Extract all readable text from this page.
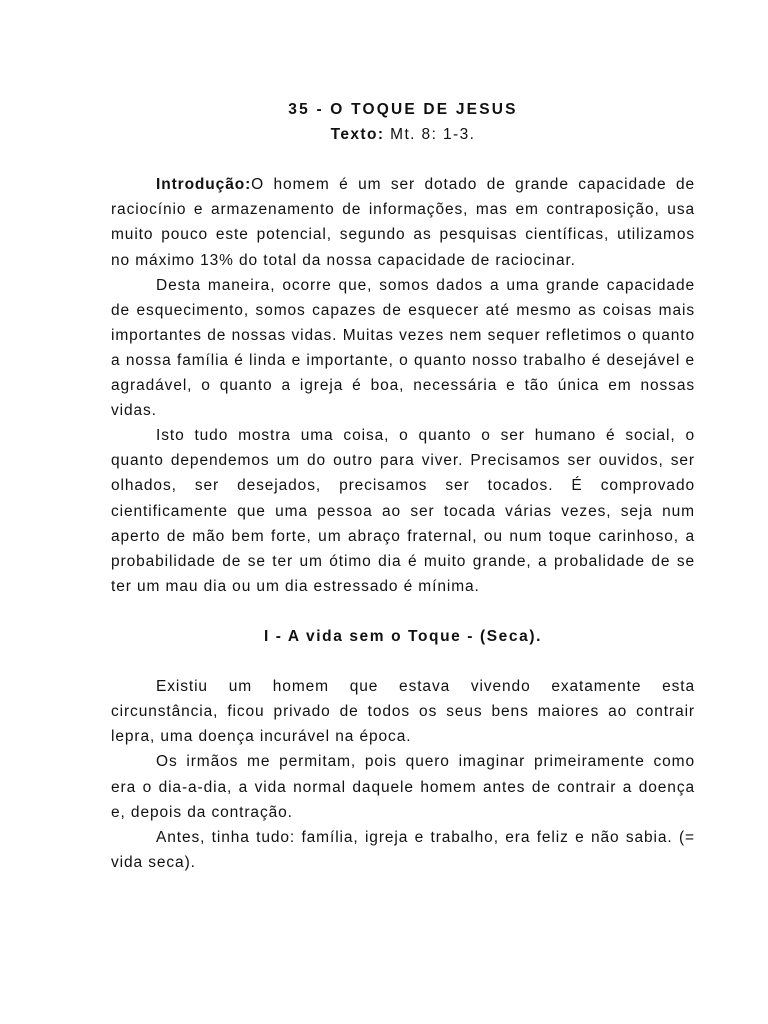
35 - O TOQUE DE JESUS

Texto: Mt. 8: 1-3.

Introdução:O homem é um ser dotado de grande capacidade de raciocínio e armazenamento de informações, mas em contraposição, usa muito pouco este potencial, segundo as pesquisas científicas, utilizamos no máximo 13% do total da nossa capacidade de raciocinar.

Desta maneira, ocorre que, somos dados a uma grande capacidade de esquecimento, somos capazes de esquecer até mesmo as coisas mais importantes de nossas vidas. Muitas vezes nem sequer refletimos o quanto a nossa família é linda e importante, o quanto nosso trabalho é desejável e agradável, o quanto a igreja é boa, necessária e tão única em nossas vidas.

Isto tudo mostra uma coisa, o quanto o ser humano é social, o quanto dependemos um do outro para viver. Precisamos ser ouvidos, ser olhados, ser desejados, precisamos ser tocados. É comprovado cientificamente que uma pessoa ao ser tocada várias vezes, seja num aperto de mão bem forte, um abraço fraternal, ou num toque carinhoso, a probabilidade de se ter um ótimo dia é muito grande, a probalidade de se ter um mau dia ou um dia estressado é mínima.

I - A vida sem o Toque - (Seca).

Existiu um homem que estava vivendo exatamente esta circunstância, ficou privado de todos os seus bens maiores ao contrair lepra, uma doença incurável na época.

Os irmãos me permitam, pois quero imaginar primeiramente como era o dia-a-dia, a vida normal daquele homem antes de contrair a doença e, depois da contração.

Antes, tinha tudo: família, igreja e trabalho, era feliz e não sabia. (= vida seca).
